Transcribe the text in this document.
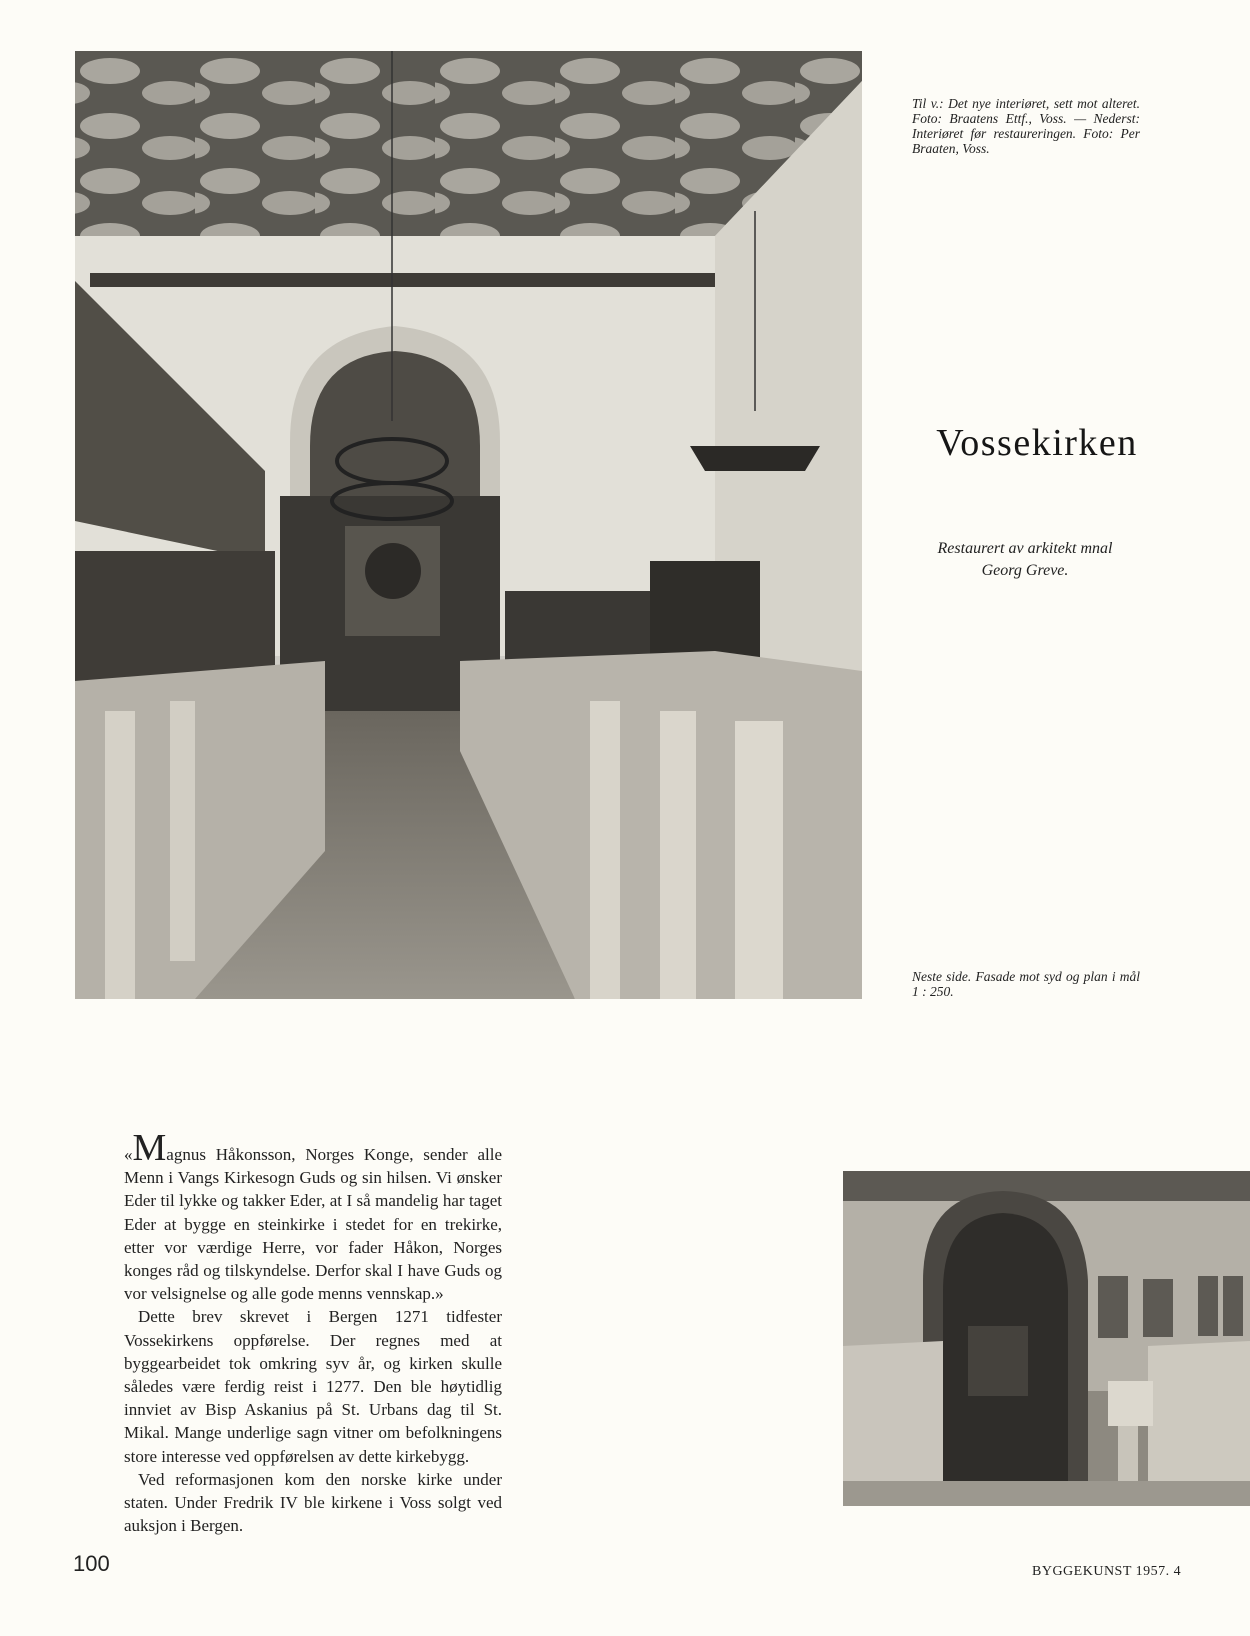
Til v.: Det nye interiøret, sett mot alteret. Foto: Braatens Ettf., Voss. — Nederst: Interiøret før restaureringen. Foto: Per Braaten, Voss.
Vossekirken
Restaurert av arkitekt mnal
Georg Greve.
Neste side. Fasade mot syd og plan i mål 1 : 250.

«Magnus Håkonsson, Norges Konge, sender alle Menn i Vangs Kirkesogn Guds og sin hilsen. Vi ønsker Eder til lykke og takker Eder, at I så mandelig har taget Eder at bygge en steinkirke i stedet for en trekirke, etter vor værdige Herre, vor fader Håkon, Norges konges råd og tilskyndelse. Derfor skal I have Guds og vor velsignelse og alle gode menns vennskap.»

Dette brev skrevet i Bergen 1271 tidfester Vossekirkens oppførelse. Der regnes med at byggearbeidet tok omkring syv år, og kirken skulle således være ferdig reist i 1277. Den ble høytidlig innviet av Bisp Askanius på St. Urbans dag til St. Mikal. Mange underlige sagn vitner om befolkningens store interesse ved oppførelsen av dette kirkebygg.

Ved reformasjonen kom den norske kirke under staten. Under Fredrik IV ble kirkene i Voss solgt ved auksjon i Bergen.

100	BYGGEKUNST 1957. 4
